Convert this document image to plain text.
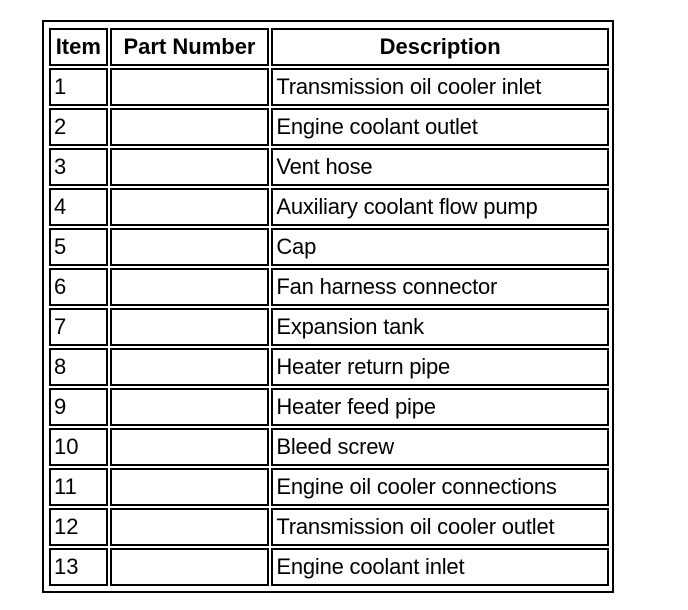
Item	Part Number	Description
1		Transmission oil cooler inlet
2		Engine coolant outlet
3		Vent hose
4		Auxiliary coolant flow pump
5		Cap
6		Fan harness connector
7		Expansion tank
8		Heater return pipe
9		Heater feed pipe
10		Bleed screw
11		Engine oil cooler connections
12		Transmission oil cooler outlet
13		Engine coolant inlet
